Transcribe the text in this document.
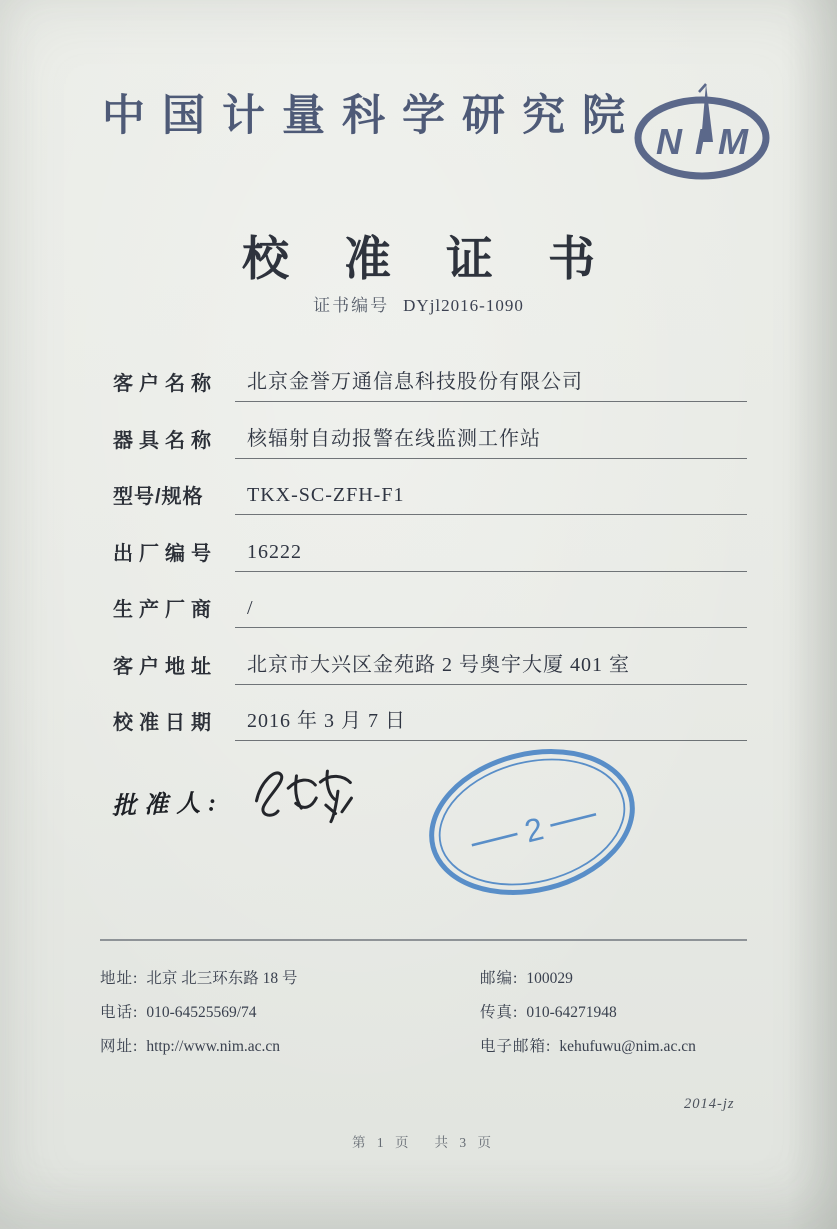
中国计量科学研究院
NIM
校准证书
证书编号 DYjl2016-1090
客户名称	北京金誉万通信息科技股份有限公司
器具名称	核辐射自动报警在线监测工作站
型号/规格	TKX-SC-ZFH-F1
出厂编号	16222
生产厂商	/
客户地址	北京市大兴区金苑路 2 号奥宇大厦 401 室
校准日期	2016 年 3 月 7 日
批准人:
中国计量科学研究院
2
校准专用章
地址: 北京 北三环东路 18 号	邮编: 100029
电话: 010-64525569/74	传真: 010-64271948
网址: http://www.nim.ac.cn	电子邮箱: kehufuwu@nim.ac.cn
2014-jz
第 1 页 共 3 页
